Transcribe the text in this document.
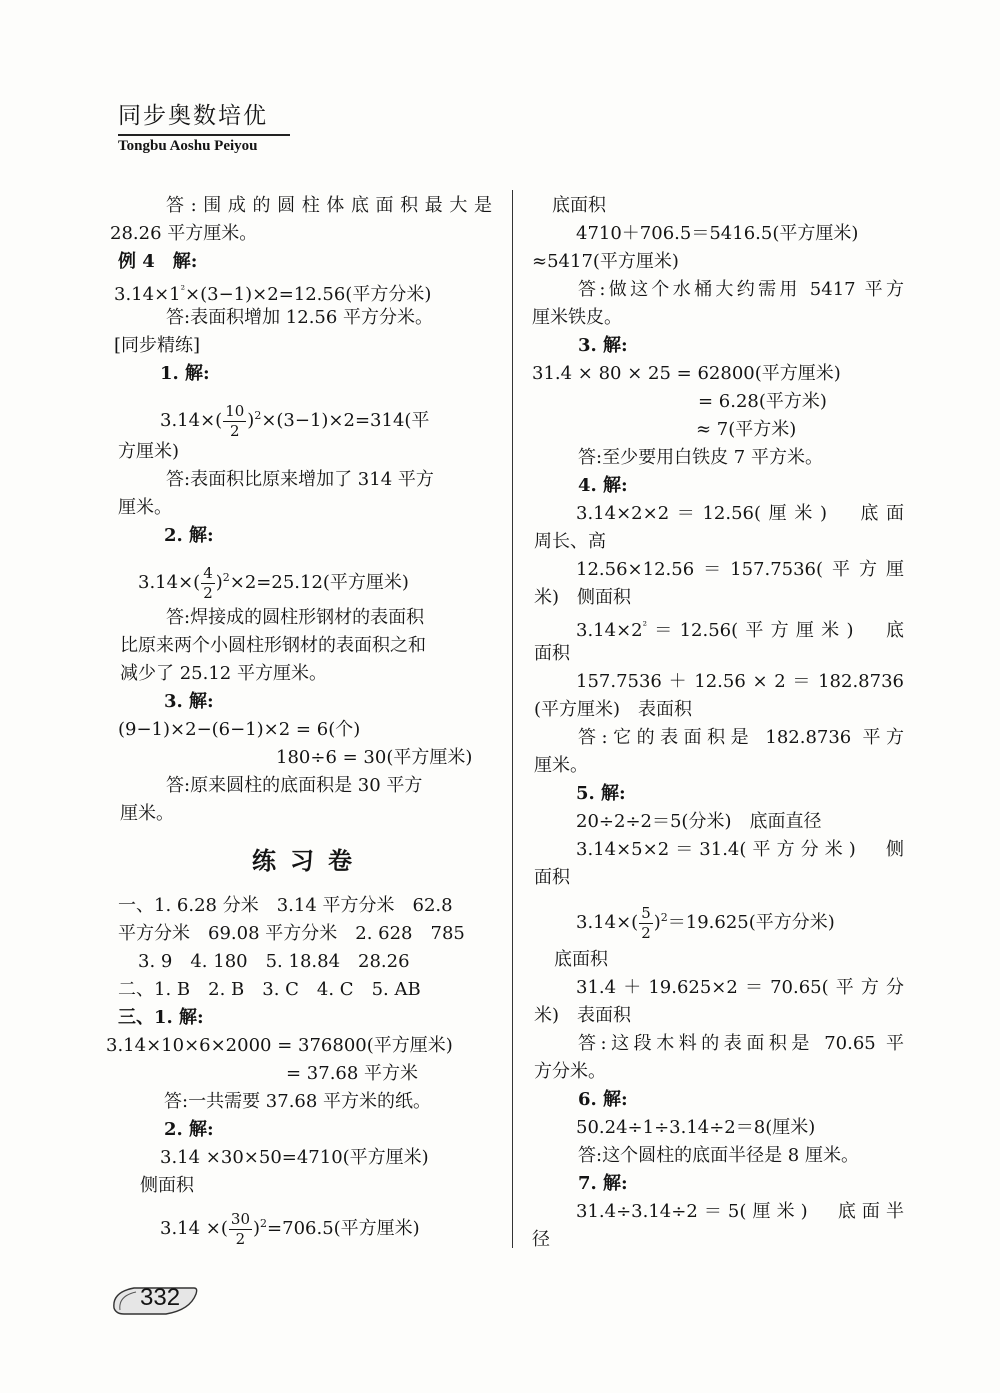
同步奥数培优
Tongbu Aoshu Peiyou
答:围成的圆柱体底面积最大是
28.26 平方厘米。
例 4　解:
$3.14\times 1^{^2}\times(3-1)\times 2=12.56$(平方分米)
答:表面积增加 12.56 平方分米。
[同步精练]
1. 解:
$3.14\times( \frac{10}{2} )^2\times(3-1)\times 2=314$(平
方厘米)
答:表面积比原来增加了 314 平方
厘米。
2. 解:
$3.14\times( \frac{4}{2} )^2\times 2=25.12$(平方厘米)
答:焊接成的圆柱形钢材的表面积
比原来两个小圆柱形钢材的表面积之和
减少了 25.12 平方厘米。
3. 解:
(9−1)×2−(6−1)×2 = 6(个)
180÷6 = 30(平方厘米)
答:原来圆柱的底面积是 30 平方
厘米。
练习卷
一、1. 6.28 分米　3.14 平方分米　62.8
平方分米　69.08 平方分米　2. 628　785
3. 9　4. 180　5. 18.84　28.26
二、1. B　2. B　3. C　4. C　5. AB
三、1. 解:
3.14×10×6×2000 = 376800(平方厘米)
= 37.68 平方米
答:一共需要 37.68 平方米的纸。
2. 解:
3.14 ×30×50=4710(平方厘米)
侧面积
3.14 ×( $\frac{30}{2} )^2=706.5$(平方厘米)
底面积
4710＋706.5＝5416.5(平方厘米)
≈5417(平方厘米)
答:做这个水桶大约需用 5417 平方
厘米铁皮。
3. 解:
31.4 × 80 × 25 = 62800(平方厘米)
= 6.28(平方米)
≈ 7(平方米)
答:至少要用白铁皮 7 平方米。
4. 解:
3.14×2×2＝12.56(厘米)　底面
周长、高
12.56×12.56＝157.7536(平方厘
米)　侧面积
$3.14\times 2^{^2}=12.56$(平方厘米)　底
面积
157.7536 ＋ 12.56 × 2 ＝ 182.8736
(平方厘米)　表面积
答:它的表面积是 182.8736 平方
厘米。
5. 解:
20÷2÷2＝5(分米)　底面直径
3.14×5×2＝31.4(平方分米)　侧
面积
$3.14\times( \frac{5}{2} )^2=19.625$(平方分米)
底面积
31.4＋19.625×2＝70.65(平方分
米)　表面积
答:这段木料的表面积是 70.65 平
方分米。
6. 解:
50.24÷1÷3.14÷2＝8(厘米)
答:这个圆柱的底面半径是 8 厘米。
7. 解:
31.4÷3.14÷2＝5(厘米)　底面半
径
332
